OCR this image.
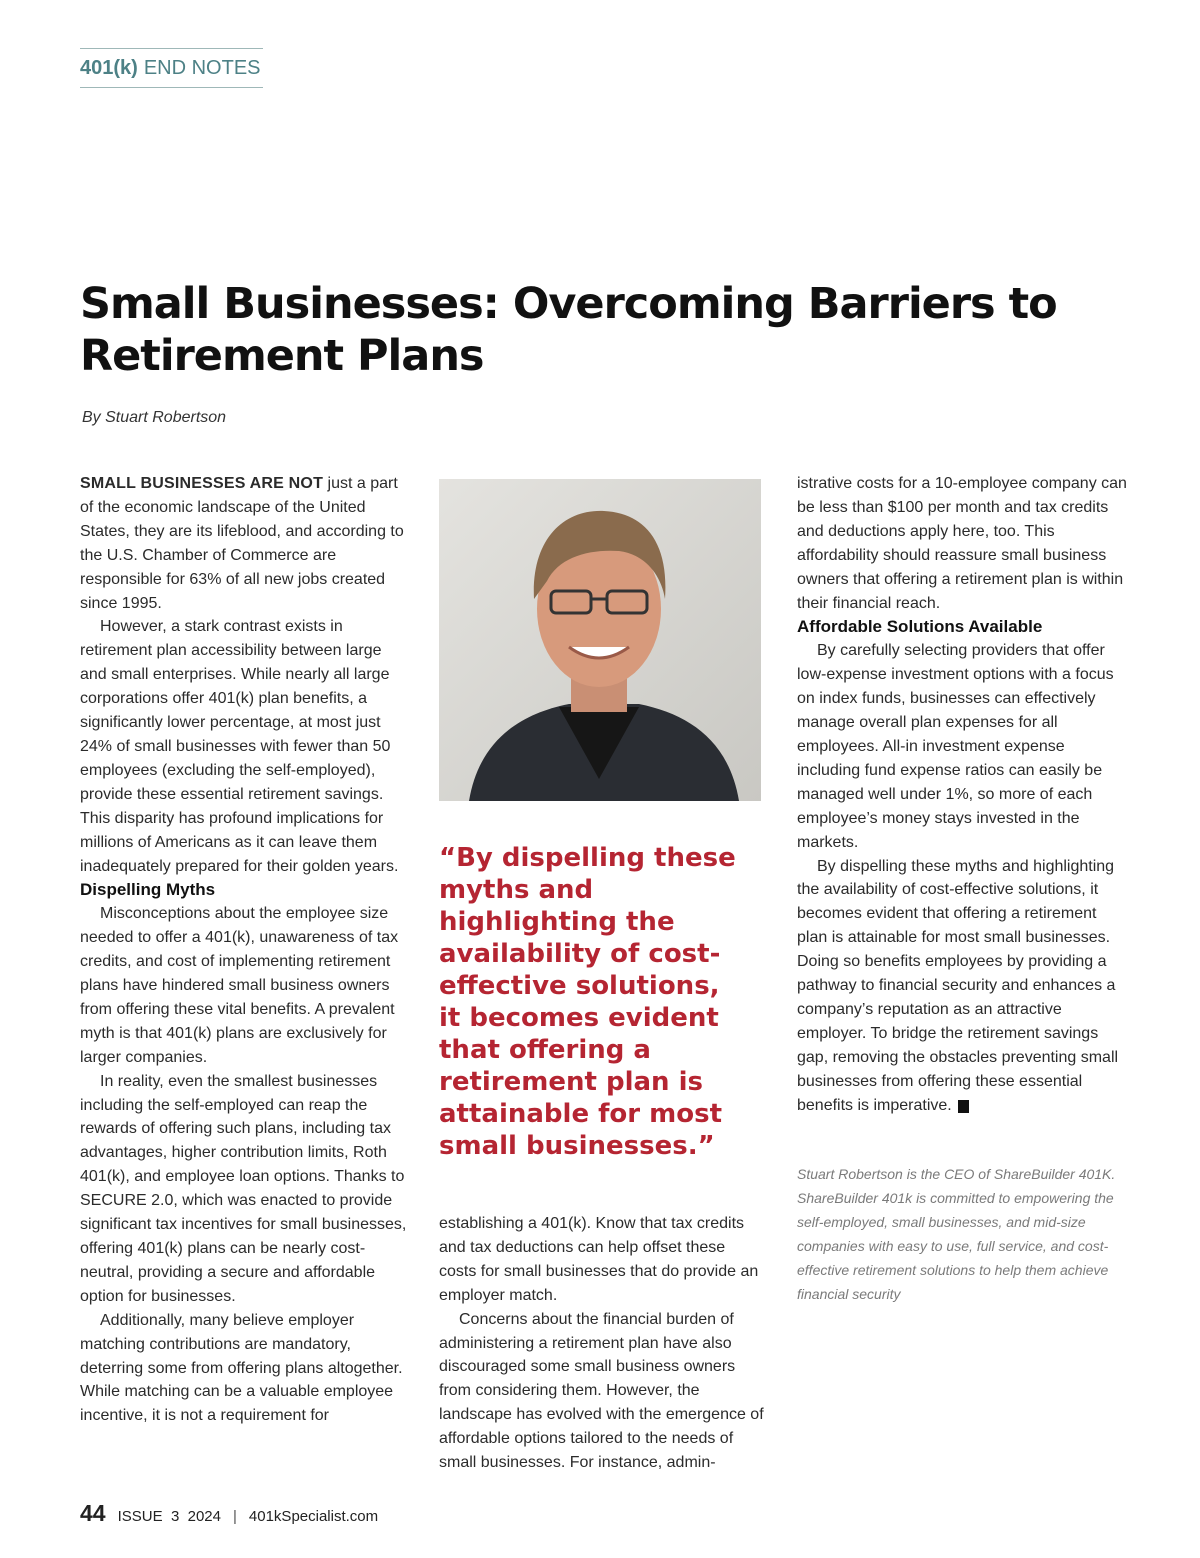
401(k) END NOTES
Small Businesses: Overcoming Barriers to Retirement Plans
By Stuart Robertson

SMALL BUSINESSES ARE NOT just a part of the economic landscape of the United States, they are its lifeblood, and according to the U.S. Chamber of Commerce are responsible for 63% of all new jobs created since 1995.

However, a stark contrast exists in retirement plan accessibility between large and small enterprises. While nearly all large corporations offer 401(k) plan benefits, a significantly lower percentage, at most just 24% of small businesses with fewer than 50 employees (excluding the self-employed), provide these essential retirement savings. This disparity has profound implications for millions of Americans as it can leave them inadequately prepared for their golden years.

Dispelling Myths

Misconceptions about the employee size needed to offer a 401(k), unawareness of tax credits, and cost of implementing retirement plans have hindered small business owners from offering these vital benefits. A prevalent myth is that 401(k) plans are exclusively for larger companies.

In reality, even the smallest businesses including the self-employed can reap the rewards of offering such plans, including tax advantages, higher contribution limits, Roth 401(k), and employee loan options. Thanks to SECURE 2.0, which was enacted to provide significant tax incentives for small businesses, offering 401(k) plans can be nearly cost-neutral, providing a secure and affordable option for businesses.

Additionally, many believe employer matching contributions are mandatory, deterring some from offering plans altogether. While matching can be a valuable employee incentive, it is not a requirement for

“By dispelling these myths and highlighting the availability of cost-effective solutions, it becomes evident that offering a retirement plan is attainable for most small businesses.”

establishing a 401(k). Know that tax credits and tax deductions can help offset these costs for small businesses that do provide an employer match.

Concerns about the financial burden of administering a retirement plan have also discouraged some small business owners from considering them. However, the landscape has evolved with the emergence of affordable options tailored to the needs of small businesses. For instance, admin-

istrative costs for a 10-employee company can be less than $100 per month and tax credits and deductions apply here, too. This affordability should reassure small business owners that offering a retirement plan is within their financial reach.

Affordable Solutions Available

By carefully selecting providers that offer low-expense investment options with a focus on index funds, businesses can effectively manage overall plan expenses for all employees. All-in investment expense including fund expense ratios can easily be managed well under 1%, so more of each employee’s money stays invested in the markets.

By dispelling these myths and highlighting the availability of cost-effective solutions, it becomes evident that offering a retirement plan is attainable for most small businesses. Doing so benefits employees by providing a pathway to financial security and enhances a company’s reputation as an attractive employer. To bridge the retirement savings gap, removing the obstacles preventing small businesses from offering these essential benefits is imperative.	K

Stuart Robertson is the CEO of ShareBuilder 401K. ShareBuilder 401k is committed to empowering the self-employed, small businesses, and mid-size companies with easy to use, full service, and cost-effective retirement solutions to help them achieve financial security
44 ISSUE  3  2024 | 401kSpecialist.com
